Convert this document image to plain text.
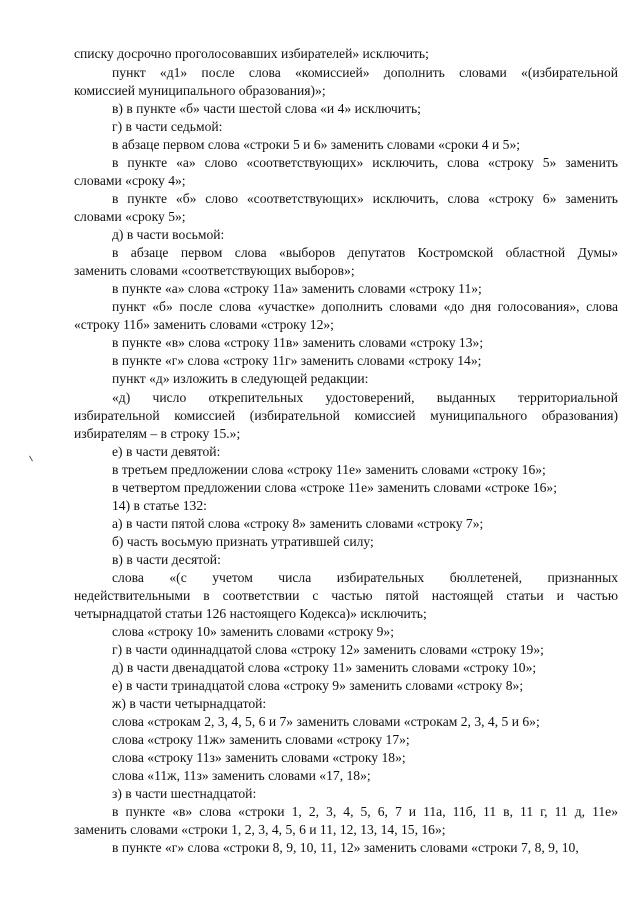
списку досрочно проголосовавших избирателей» исключить;
пункт «д1» после слова «комиссией» дополнить словами «(избирательной
комиссией муниципального образования)»;
в) в пункте «б» части шестой слова «и 4» исключить;
г) в части седьмой:
в абзаце первом слова «строки 5 и 6» заменить словами «сроки 4 и 5»;
в пункте «а» слово «соответствующих» исключить, слова «строку 5» заменить
словами «сроку 4»;
в пункте «б» слово «соответствующих» исключить, слова «строку 6» заменить
словами «сроку 5»;
д) в части восьмой:
в абзаце первом слова «выборов депутатов Костромской областной Думы»
заменить словами «соответствующих выборов»;
в пункте «а» слова «строку 11а» заменить словами «строку 11»;
пункт «б» после слова «участке» дополнить словами «до дня голосования», слова
«строку 11б» заменить словами «строку 12»;
в пункте «в» слова «строку 11в» заменить словами «строку 13»;
в пункте «г» слова «строку 11г» заменить словами «строку 14»;
пункт «д» изложить в следующей редакции:
«д) число открепительных удостоверений, выданных территориальной
избирательной комиссией (избирательной комиссией муниципального образования)
избирателям – в строку 15.»;
е) в части девятой:
в третьем предложении слова «строку 11е» заменить словами «строку 16»;
в четвертом предложении слова «строке 11е» заменить словами «строке 16»;
14) в статье 132:
а) в части пятой слова «строку 8» заменить словами «строку 7»;
б) часть восьмую признать утратившей силу;
в) в части десятой:
слова «(с учетом числа избирательных бюллетеней, признанных
недействительными в соответствии с частью пятой настоящей статьи и частью
четырнадцатой статьи 126 настоящего Кодекса)» исключить;
слова «строку 10» заменить словами «строку 9»;
г) в части одиннадцатой слова «строку 12» заменить словами «строку 19»;
д) в части двенадцатой слова «строку 11» заменить словами «строку 10»;
е) в части тринадцатой слова «строку 9» заменить словами «строку 8»;
ж) в части четырнадцатой:
слова «строкам 2, 3, 4, 5, 6 и 7» заменить словами «строкам 2, 3, 4, 5 и 6»;
слова «строку 11ж» заменить словами «строку 17»;
слова «строку 11з» заменить словами «строку 18»;
слова «11ж, 11з» заменить словами «17, 18»;
з) в части шестнадцатой:
в пункте «в» слова «строки 1, 2, 3, 4, 5, 6, 7 и 11а, 11б, 11 в, 11 г, 11 д, 11е»
заменить словами «строки 1, 2, 3, 4, 5, 6 и 11, 12, 13, 14, 15, 16»;
в пункте «г» слова «строки 8, 9, 10, 11, 12» заменить словами «строки 7, 8, 9, 10,
